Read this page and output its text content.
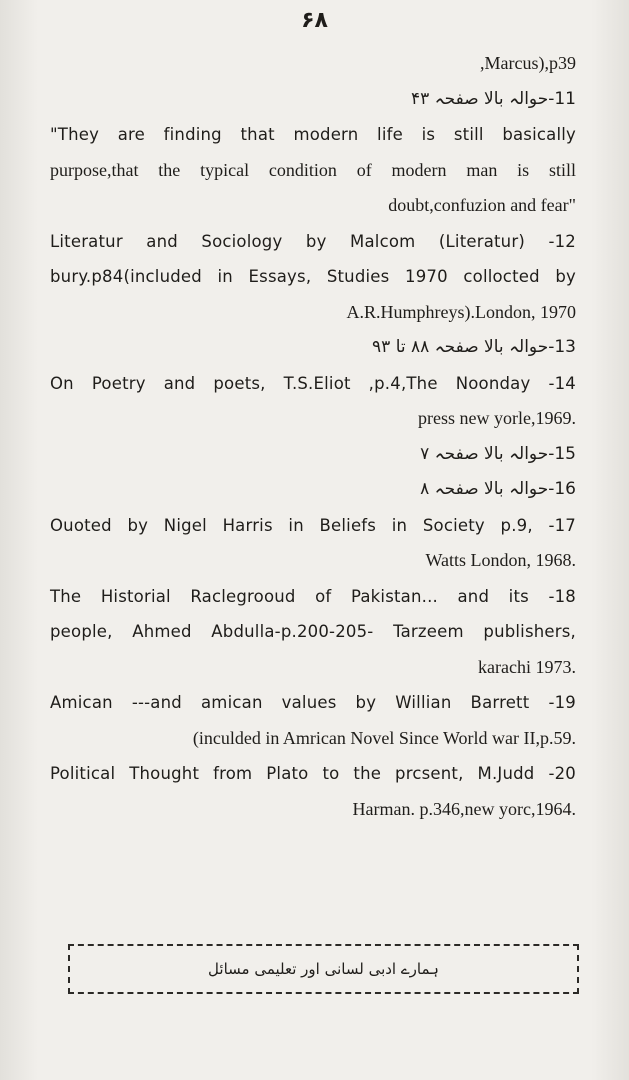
۶۸
,Marcus),p39
11-حوالہ بالا صفحہ ۴۳
"They are finding that modern life is still basically
purpose,that the typical condition of modern man is still
doubt,confuzion and fear"
Literatur and Sociology by Malcom (Literatur) -12
bury.p84(included in Essays, Studies 1970 collocted by
A.R.Humphreys).London, 1970
13-حوالہ بالا صفحہ ۸۸ تا ۹۳
On Poetry and poets, T.S.Eliot ,p.4,The Noonday -14
press new yorle,1969.
15-حوالہ بالا صفحہ ۷
16-حوالہ بالا صفحہ ۸
Ouoted by Nigel Harris in Beliefs in Society p.9, -17
Watts London, 1968.
The Historial Raclegrooud of Pakistan... and its -18
people, Ahmed Abdulla-p.200-205- Tarzeem publishers,
karachi 1973.
Amican ---and amican values by Willian Barrett -19
(inculded in Amrican Novel Since World war II,p.59.
Political Thought from Plato to the prcsent, M.Judd -20
Harman. p.346,new yorc,1964.
ہمارے ادبی لسانی اور تعلیمی مسائل
